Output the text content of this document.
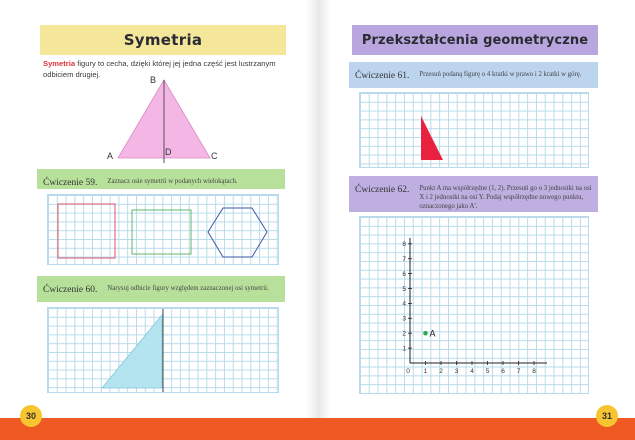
Symetria
Symetria figury to cecha, dzięki której jej jedna część jest lustrzanym odbiciem drugiej.
Ćwiczenie 59. Zaznacz osie symetrii w podanych wielokątach.
Ćwiczenie 60. Narysuj odbicie figury względem zaznaczonej osi symetrii.
Przekształcenia geometryczne
Ćwiczenie 61. Przesuń podaną figurę o 4 kratki w prawo i 2 kratki w górę.
Ćwiczenie 62. Punkt A ma współrzędne (1, 2). Przesuń go o 3 jednostki na osi X i 2 jednostki na osi Y. Podaj współrzędne nowego punktu, oznaczonego jako A'.
B
A	C
D
0 1 2 3 4 5 6 7 8
1
2
3
4
5
6
7
8
A
30	31
